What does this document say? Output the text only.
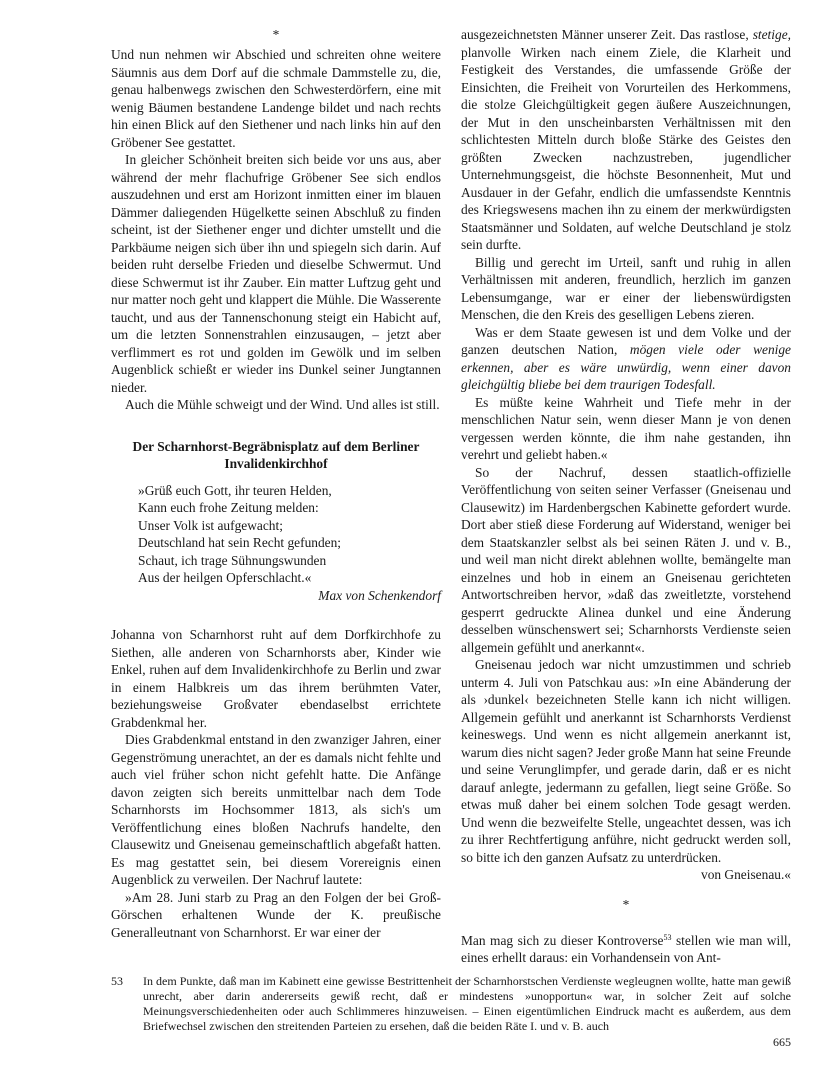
*

Und nun nehmen wir Abschied und schreiten ohne weitere Säumnis aus dem Dorf auf die schmale Dammstelle zu, die, genau halbenwegs zwischen den Schwesterdörfern, eine mit wenig Bäumen bestandene Landenge bildet und nach rechts hin einen Blick auf den Siethener und nach links hin auf den Gröbener See gestattet.

In gleicher Schönheit breiten sich beide vor uns aus, aber während der mehr flachufrige Gröbener See sich endlos auszudehnen und erst am Horizont inmitten einer im blauen Dämmer daliegenden Hügelkette seinen Abschluß zu finden scheint, ist der Siethener enger und dichter umstellt und die Parkbäume neigen sich über ihn und spiegeln sich darin. Auf beiden ruht derselbe Frieden und dieselbe Schwermut. Und diese Schwermut ist ihr Zauber. Ein matter Luftzug geht und nur matter noch geht und klappert die Mühle. Die Wasserente taucht, und aus der Tannenschonung steigt ein Habicht auf, um die letzten Sonnenstrahlen einzusaugen, – jetzt aber verflimmert es rot und golden im Gewölk und im selben Augenblick schießt er wieder ins Dunkel seiner Jungtannen nieder.

Auch die Mühle schweigt und der Wind. Und alles ist still.

Der Scharnhorst-Begräbnisplatz auf dem Berliner Invalidenkirchhof
»Grüß euch Gott, ihr teuren Helden,
Kann euch frohe Zeitung melden:
Unser Volk ist aufgewacht;
Deutschland hat sein Recht gefunden;
Schaut, ich trage Sühnungswunden
Aus der heilgen Opferschlacht.«

Max von Schenkendorf

Johanna von Scharnhorst ruht auf dem Dorfkirchhofe zu Siethen, alle anderen von Scharnhorsts aber, Kinder wie Enkel, ruhen auf dem Invalidenkirchhofe zu Berlin und zwar in einem Halbkreis um das ihrem berühmten Vater, beziehungsweise Großvater ebendaselbst errichtete Grabdenkmal her.

Dies Grabdenkmal entstand in den zwanziger Jahren, einer Gegenströmung unerachtet, an der es damals nicht fehlte und auch viel früher schon nicht gefehlt hatte. Die Anfänge davon zeigten sich bereits unmittelbar nach dem Tode Scharnhorsts im Hochsommer 1813, als sich's um Veröffentlichung eines bloßen Nachrufs handelte, den Clausewitz und Gneisenau gemeinschaftlich abgefaßt hatten. Es mag gestattet sein, bei diesem Vorereignis einen Augenblick zu verweilen. Der Nachruf lautete:

»Am 28. Juni starb zu Prag an den Folgen der bei Groß-Görschen erhaltenen Wunde der K. preußische Generalleutnant von Scharnhorst. Er war einer der

ausgezeichnetsten Männer unserer Zeit. Das rastlose, stetige, planvolle Wirken nach einem Ziele, die Klarheit und Festigkeit des Verstandes, die umfassende Größe der Einsichten, die Freiheit von Vorurteilen des Herkommens, die stolze Gleichgültigkeit gegen äußere Auszeichnungen, der Mut in den unscheinbarsten Verhältnissen mit den schlichtesten Mitteln durch bloße Stärke des Geistes den größten Zwecken nachzustreben, jugendlicher Unternehmungsgeist, die höchste Besonnenheit, Mut und Ausdauer in der Gefahr, endlich die umfassendste Kenntnis des Kriegswesens machen ihn zu einem der merkwürdigsten Staatsmänner und Soldaten, auf welche Deutschland je stolz sein durfte.

Billig und gerecht im Urteil, sanft und ruhig in allen Verhältnissen mit anderen, freundlich, herzlich im ganzen Lebensumgange, war er einer der liebenswürdigsten Menschen, die den Kreis des geselligen Lebens zieren.

Was er dem Staate gewesen ist und dem Volke und der ganzen deutschen Nation, mögen viele oder wenige erkennen, aber es wäre unwürdig, wenn einer davon gleichgültig bliebe bei dem traurigen Todesfall.

Es müßte keine Wahrheit und Tiefe mehr in der menschlichen Natur sein, wenn dieser Mann je von denen vergessen werden könnte, die ihm nahe gestanden, ihn verehrt und geliebt haben.«

So der Nachruf, dessen staatlich-offizielle Veröffentlichung von seiten seiner Verfasser (Gneisenau und Clausewitz) im Hardenbergschen Kabinette gefordert wurde. Dort aber stieß diese Forderung auf Widerstand, weniger bei dem Staatskanzler selbst als bei seinen Räten J. und v. B., und weil man nicht direkt ablehnen wollte, bemängelte man einzelnes und hob in einem an Gneisenau gerichteten Antwortschreiben hervor, »daß das zweitletzte, vorstehend gesperrt gedruckte Alinea dunkel und eine Änderung desselben wünschenswert sei; Scharnhorsts Verdienste seien allgemein gefühlt und anerkannt«.

Gneisenau jedoch war nicht umzustimmen und schrieb unterm 4. Juli von Patschkau aus: »In eine Abänderung der als ›dunkel‹ bezeichneten Stelle kann ich nicht willigen. Allgemein gefühlt und anerkannt ist Scharnhorsts Verdienst keineswegs. Und wenn es nicht allgemein anerkannt ist, warum dies nicht sagen? Jeder große Mann hat seine Freunde und seine Verunglimpfer, und gerade darin, daß er es nicht darauf anlegte, jedermann zu gefallen, liegt seine Größe. So etwas muß daher bei einem solchen Tode gesagt werden. Und wenn die bezweifelte Stelle, ungeachtet dessen, was ich zu ihrer Rechtfertigung anführe, nicht gedruckt werden soll, so bitte ich den ganzen Aufsatz zu unterdrücken.

von Gneisenau.«

*

Man mag sich zu dieser Kontroverse$^{53}$ stellen wie man will, eines erhellt daraus: ein Vorhandensein von Ant-

53 In dem Punkte, daß man im Kabinett eine gewisse Bestrittenheit der Scharnhorstschen Verdienste wegleugnen wollte, hatte man gewiß unrecht, aber darin andererseits gewiß recht, daß er mindestens »unopportun« war, in solcher Zeit auf solche Meinungsverschiedenheiten oder auch Schlimmeres hinzuweisen. – Einen eigentümlichen Eindruck macht es außerdem, aus dem Briefwechsel zwischen den streitenden Parteien zu ersehen, daß die beiden Räte I. und v. B. auch

665
